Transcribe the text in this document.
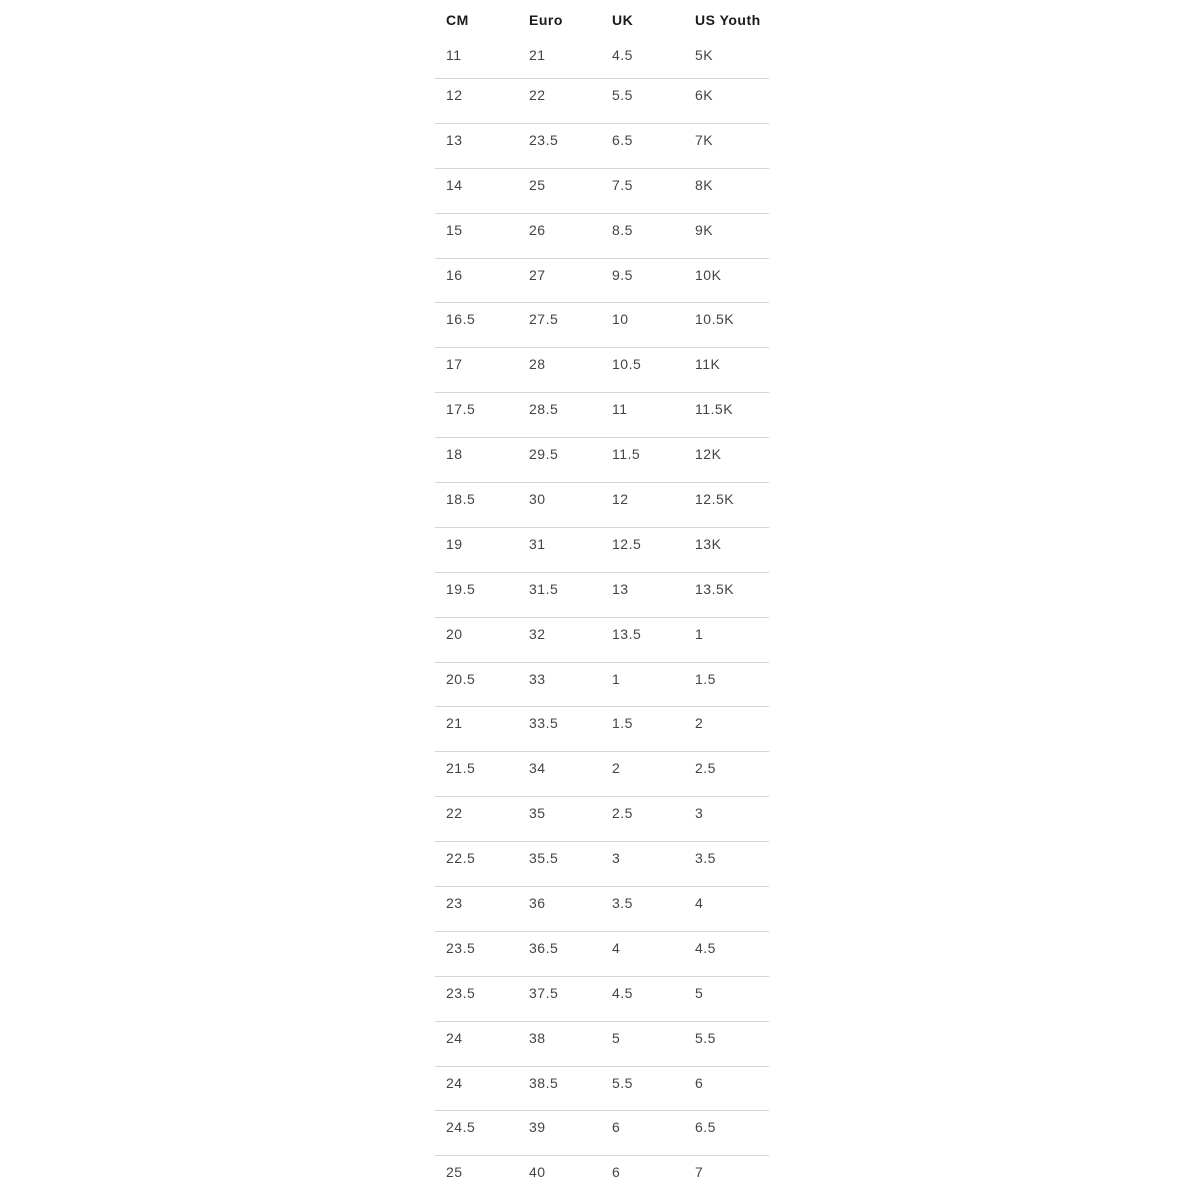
CM	Euro	UK	US Youth
11	21	4.5	5K
12	22	5.5	6K
13	23.5	6.5	7K
14	25	7.5	8K
15	26	8.5	9K
16	27	9.5	10K
16.5	27.5	10	10.5K
17	28	10.5	11K
17.5	28.5	11	11.5K
18	29.5	11.5	12K
18.5	30	12	12.5K
19	31	12.5	13K
19.5	31.5	13	13.5K
20	32	13.5	1
20.5	33	1	1.5
21	33.5	1.5	2
21.5	34	2	2.5
22	35	2.5	3
22.5	35.5	3	3.5
23	36	3.5	4
23.5	36.5	4	4.5
23.5	37.5	4.5	5
24	38	5	5.5
24	38.5	5.5	6
24.5	39	6	6.5
25	40	6	7
